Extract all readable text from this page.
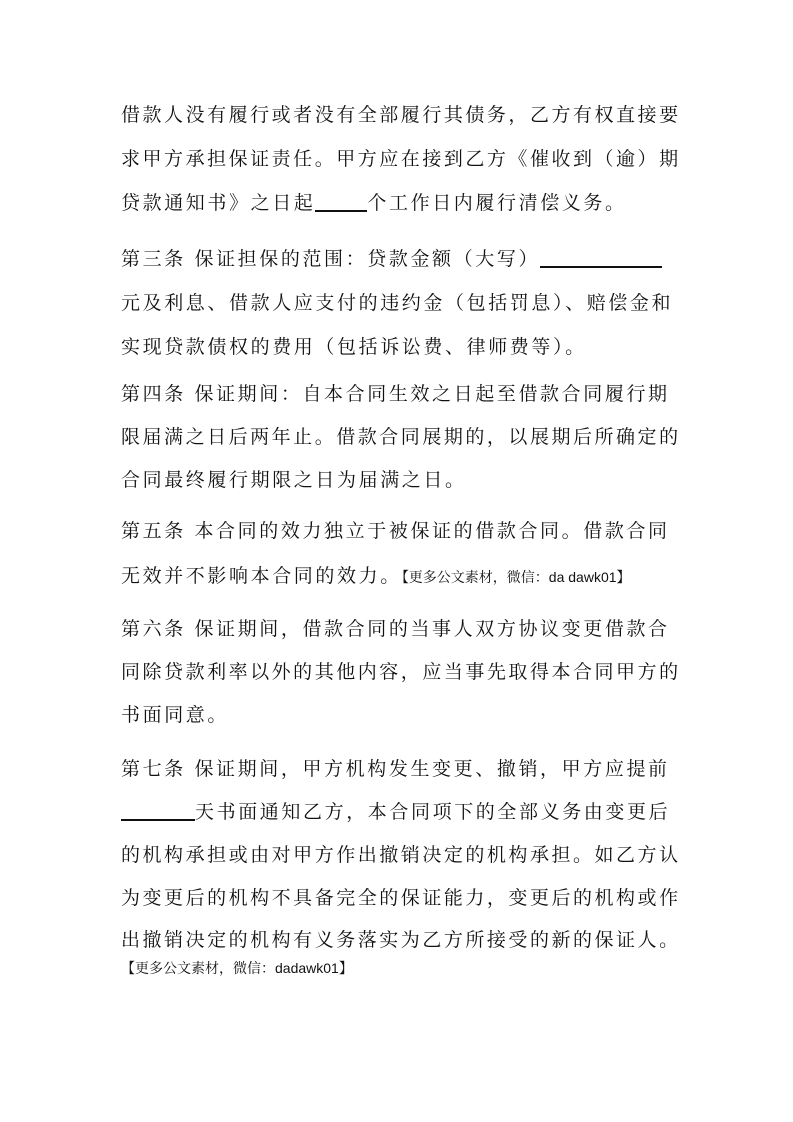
借款人没有履行或者没有全部履行其债务，乙方有权直接要
求甲方承担保证责任。甲方应在接到乙方《催收到（逾）期
贷款通知书》之日起	个工作日内履行清偿义务。
第三条 保证担保的范围：贷款金额（大写）
元及利息、借款人应支付的违约金（包括罚息）、赔偿金和
实现贷款债权的费用（包括诉讼费、律师费等）。
第四条 保证期间：自本合同生效之日起至借款合同履行期
限届满之日后两年止。借款合同展期的，以展期后所确定的
合同最终履行期限之日为届满之日。
第五条 本合同的效力独立于被保证的借款合同。借款合同
无效并不影响本合同的效力。【更多公文素材，微信：da dawk01】
第六条 保证期间，借款合同的当事人双方协议变更借款合
同除贷款利率以外的其他内容，应当事先取得本合同甲方的
书面同意。
第七条 保证期间，甲方机构发生变更、撤销，甲方应提前
天书面通知乙方，本合同项下的全部义务由变更后
的机构承担或由对甲方作出撤销决定的机构承担。如乙方认
为变更后的机构不具备完全的保证能力，变更后的机构或作
出撤销决定的机构有义务落实为乙方所接受的新的保证人。
【更多公文素材，微信：dadawk01】
